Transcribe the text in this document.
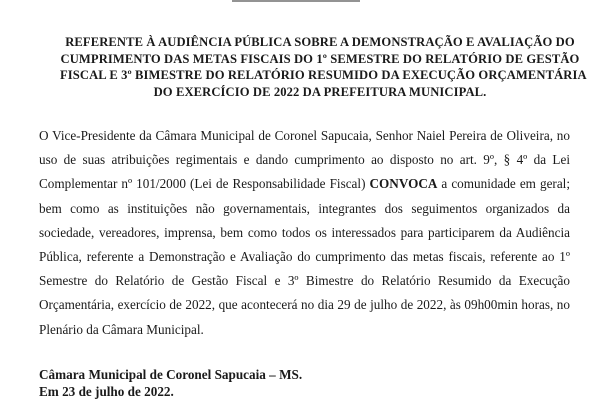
REFERENTE À AUDIÊNCIA PÚBLICA SOBRE A DEMONSTRAÇÃO E AVALIAÇÃO DO
CUMPRIMENTO DAS METAS FISCAIS DO 1º SEMESTRE DO RELATÓRIO DE GESTÃO
FISCAL E 3º BIMESTRE DO RELATÓRIO RESUMIDO DA EXECUÇÃO ORÇAMENTÁRIA
DO EXERCÍCIO DE 2022 DA PREFEITURA MUNICIPAL.
O Vice-Presidente da Câmara Municipal de Coronel Sapucaia, Senhor Naiel Pereira de Oliveira, no
uso de suas atribuições regimentais e dando cumprimento ao disposto no art. 9º, § 4º da Lei
Complementar nº 101/2000 (Lei de Responsabilidade Fiscal) CONVOCA a comunidade em geral;
bem como as instituições não governamentais, integrantes dos seguimentos organizados da
sociedade, vereadores, imprensa, bem como todos os interessados para participarem da Audiência
Pública, referente a Demonstração e Avaliação do cumprimento das metas fiscais, referente ao 1º
Semestre do Relatório de Gestão Fiscal e 3º Bimestre do Relatório Resumido da Execução
Orçamentária, exercício de 2022, que acontecerá no dia 29 de julho de 2022, às 09h00min horas, no
Plenário da Câmara Municipal.
Câmara Municipal de Coronel Sapucaia – MS.
Em 23 de julho de 2022.
